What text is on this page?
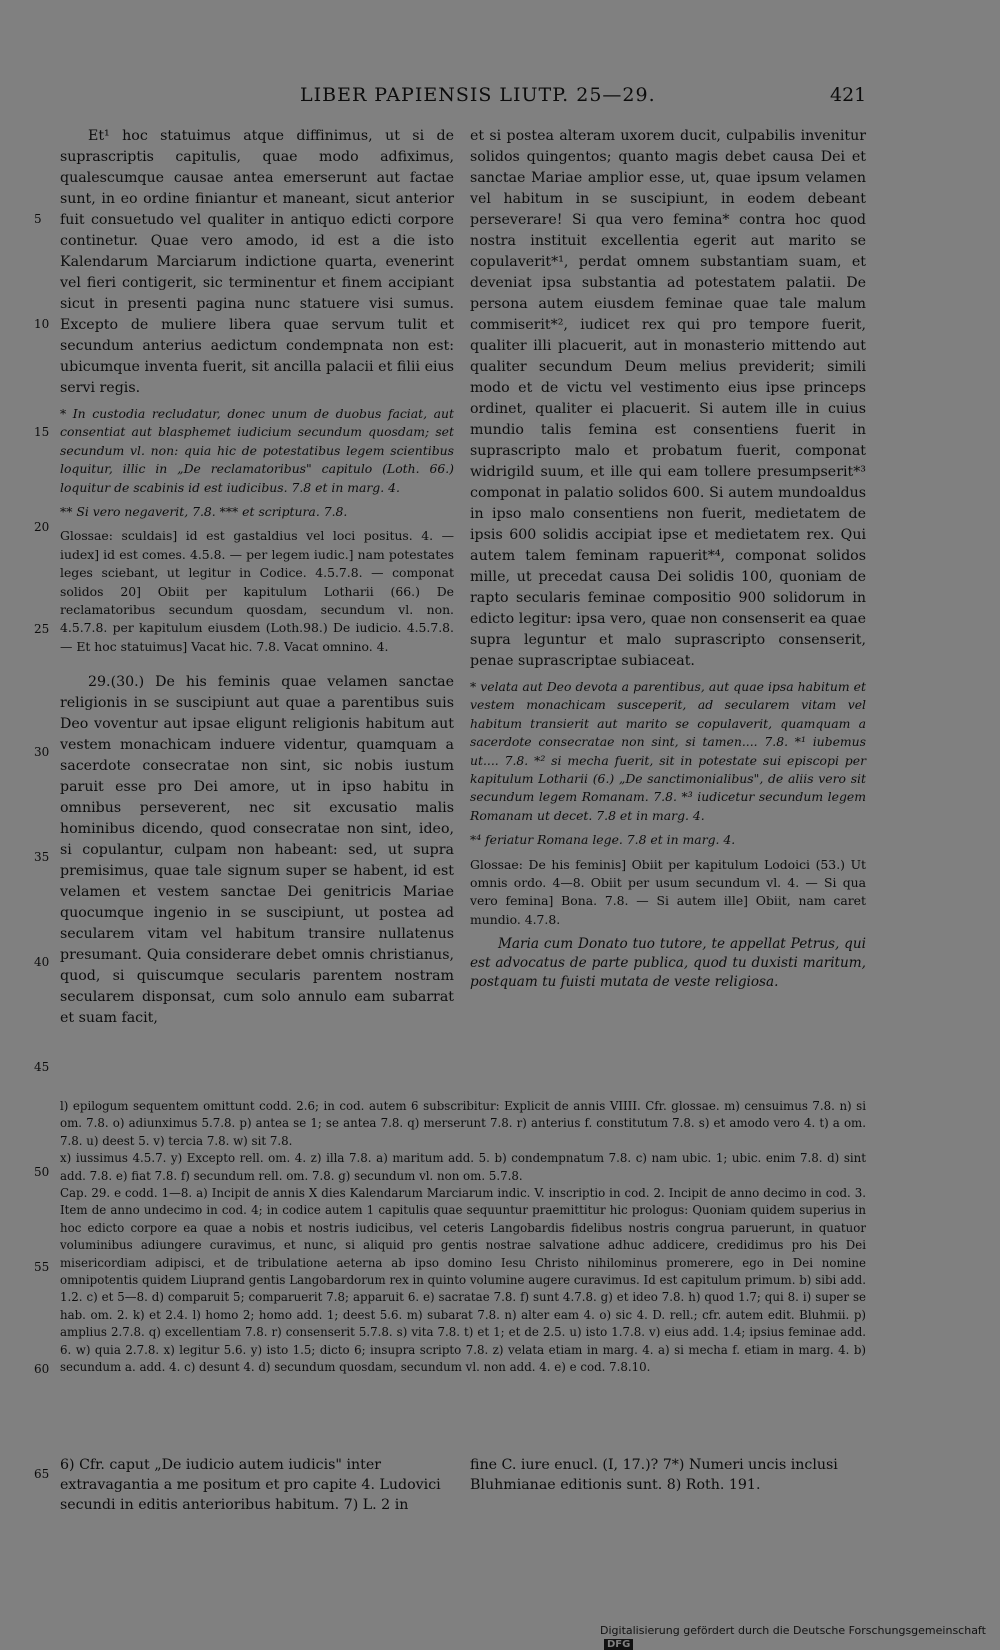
LIBER PAPIENSIS LIUTP. 25—29.	421
5
10
15
20
25
30
35
40
45
50
55
60
65

Et¹ hoc statuimus atque diffinimus, ut si de suprascriptis capitulis, quae modo adfiximus, qualescumque causae antea emerserunt aut factae sunt, in eo ordine finiantur et maneant, sicut anterior fuit consuetudo vel qualiter in antiquo edicti corpore continetur. Quae vero amodo, id est a die isto Kalendarum Marciarum indictione quarta, evenerint vel fieri contigerit, sic terminentur et finem accipiant sicut in presenti pagina nunc statuere visi sumus. Excepto de muliere libera quae servum tulit et secundum anterius aedictum condempnata non est: ubicumque inventa fuerit, sit ancilla palacii et filii eius servi regis.

* In custodia recludatur, donec unum de duobus faciat, aut consentiat aut blasphemet iudicium secundum quosdam; set secundum vl. non: quia hic de potestatibus legem scientibus loquitur, illic in „De reclamatoribus" capitulo (Loth. 66.) loquitur de scabinis id est iudicibus. 7.8 et in marg. 4.
** Si vero negaverit, 7.8. *** et scriptura. 7.8.
Glossae: sculdais] id est gastaldius vel loci positus. 4. — iudex] id est comes. 4.5.8. — per legem iudic.] nam potestates leges sciebant, ut legitur in Codice. 4.5.7.8. — componat solidos 20] Obiit per kapitulum Lotharii (66.) De reclamatoribus secundum quosdam, secundum vl. non. 4.5.7.8. per kapitulum eiusdem (Loth.98.) De iudicio. 4.5.7.8. — Et hoc statuimus] Vacat hic. 7.8. Vacat omnino. 4.

29.(30.) De his feminis quae velamen sanctae religionis in se suscipiunt aut quae a parentibus suis Deo voventur aut ipsae eligunt religionis habitum aut vestem monachicam induere videntur, quamquam a sacerdote consecratae non sint, sic nobis iustum paruit esse pro Dei amore, ut in ipso habitu in omnibus perseverent, nec sit excusatio malis hominibus dicendo, quod consecratae non sint, ideo, si copulantur, culpam non habeant: sed, ut supra premisimus, quae tale signum super se habent, id est velamen et vestem sanctae Dei genitricis Mariae quocumque ingenio in se suscipiunt, ut postea ad secularem vitam vel habitum transire nullatenus presumant. Quia considerare debet omnis christianus, quod, si quiscumque secularis parentem nostram secularem disponsat, cum solo annulo eam subarrat et suam facit,

et si postea alteram uxorem ducit, culpabilis invenitur solidos quingentos; quanto magis debet causa Dei et sanctae Mariae amplior esse, ut, quae ipsum velamen vel habitum in se suscipiunt, in eodem debeant perseverare! Si qua vero femina* contra hoc quod nostra instituit excellentia egerit aut marito se copulaverit*¹, perdat omnem substantiam suam, et deveniat ipsa substantia ad potestatem palatii. De persona autem eiusdem feminae quae tale malum commiserit*², iudicet rex qui pro tempore fuerit, qualiter illi placuerit, aut in monasterio mittendo aut qualiter secundum Deum melius previderit; simili modo et de victu vel vestimento eius ipse princeps ordinet, qualiter ei placuerit. Si autem ille in cuius mundio talis femina est consentiens fuerit in suprascripto malo et probatum fuerit, componat widrigild suum, et ille qui eam tollere presumpserit*³ componat in palatio solidos 600. Si autem mundoaldus in ipso malo consentiens non fuerit, medietatem de ipsis 600 solidis accipiat ipse et medietatem rex. Qui autem talem feminam rapuerit*⁴, componat solidos mille, ut precedat causa Dei solidis 100, quoniam de rapto secularis feminae compositio 900 solidorum in edicto legitur: ipsa vero, quae non consenserit ea quae supra leguntur et malo suprascripto consenserit, penae suprascriptae subiaceat.

* velata aut Deo devota a parentibus, aut quae ipsa habitum et vestem monachicam susceperit, ad secularem vitam vel habitum transierit aut marito se copulaverit, quamquam a sacerdote consecratae non sint, si tamen.... 7.8. *¹ iubemus ut.... 7.8. *² si mecha fuerit, sit in potestate sui episcopi per kapitulum Lotharii (6.) „De sanctimonialibus", de aliis vero sit secundum legem Romanam. 7.8. *³ iudicetur secundum legem Romanam ut decet. 7.8 et in marg. 4.
*⁴ feriatur Romana lege. 7.8 et in marg. 4.
Glossae: De his feminis] Obiit per kapitulum Lodoici (53.) Ut omnis ordo. 4—8. Obiit per usum secundum vl. 4. — Si qua vero femina] Bona. 7.8. — Si autem ille] Obiit, nam caret mundio. 4.7.8.

Maria cum Donato tuo tutore, te appellat Petrus, qui est advocatus de parte publica, quod tu duxisti maritum, postquam tu fuisti mutata de veste religiosa.

l) epilogum sequentem omittunt codd. 2.6; in cod. autem 6 subscribitur: Explicit de annis VIIII. Cfr. glossae. m) censuimus 7.8. n) si om. 7.8. o) adiunximus 5.7.8. p) antea se 1; se antea 7.8. q) merserunt 7.8. r) anterius f. constitutum 7.8. s) et amodo vero 4. t) a om. 7.8. u) deest 5. v) tercia 7.8. w) sit 7.8.
x) iussimus 4.5.7. y) Excepto rell. om. 4. z) illa 7.8. a) maritum add. 5. b) condempnatum 7.8. c) nam ubic. 1; ubic. enim 7.8. d) sint add. 7.8. e) fiat 7.8. f) secundum rell. om. 7.8. g) secundum vl. non om. 5.7.8.
Cap. 29. e codd. 1—8. a) Incipit de annis X dies Kalendarum Marciarum indic. V. inscriptio in cod. 2. Incipit de anno decimo in cod. 3. Item de anno undecimo in cod. 4; in codice autem 1 capitulis quae sequuntur praemittitur hic prologus: Quoniam quidem superius in hoc edicto corpore ea quae a nobis et nostris iudicibus, vel ceteris Langobardis fidelibus nostris congrua paruerunt, in quatuor voluminibus adiungere curavimus, et nunc, si aliquid pro gentis nostrae salvatione adhuc addicere, credidimus pro his Dei misericordiam adipisci, et de tribulatione aeterna ab ipso domino Iesu Christo nihilominus promerere, ego in Dei nomine omnipotentis quidem Liuprand gentis Langobardorum rex in quinto volumine augere curavimus. Id est capitulum primum. b) sibi add. 1.2. c) et 5—8. d) comparuit 5; comparuerit 7.8; apparuit 6. e) sacratae 7.8. f) sunt 4.7.8. g) et ideo 7.8. h) quod 1.7; qui 8. i) super se hab. om. 2. k) et 2.4. l) homo 2; homo add. 1; deest 5.6. m) subarat 7.8. n) alter eam 4. o) sic 4. D. rell.; cfr. autem edit. Bluhmii. p) amplius 2.7.8. q) excellentiam 7.8. r) consenserit 5.7.8. s) vita 7.8. t) et 1; et de 2.5. u) isto 1.7.8. v) eius add. 1.4; ipsius feminae add. 6. w) quia 2.7.8. x) legitur 5.6. y) isto 1.5; dicto 6; insupra scripto 7.8. z) velata etiam in marg. 4. a) si mecha f. etiam in marg. 4. b) secundum a. add. 4. c) desunt 4. d) secundum quosdam, secundum vl. non add. 4. e) e cod. 7.8.10.
6) Cfr. caput „De iudicio autem iudicis" inter extravagantia a me positum et pro capite 4. Ludovici secundi in editis anterioribus habitum. 7) L. 2 in
fine C. iure enucl. (I, 17.)? 7*) Numeri uncis inclusi Bluhmianae editionis sunt. 8) Roth. 191.
Digitalisierung gefördert durch die Deutsche Forschungsgemeinschaft DFG
